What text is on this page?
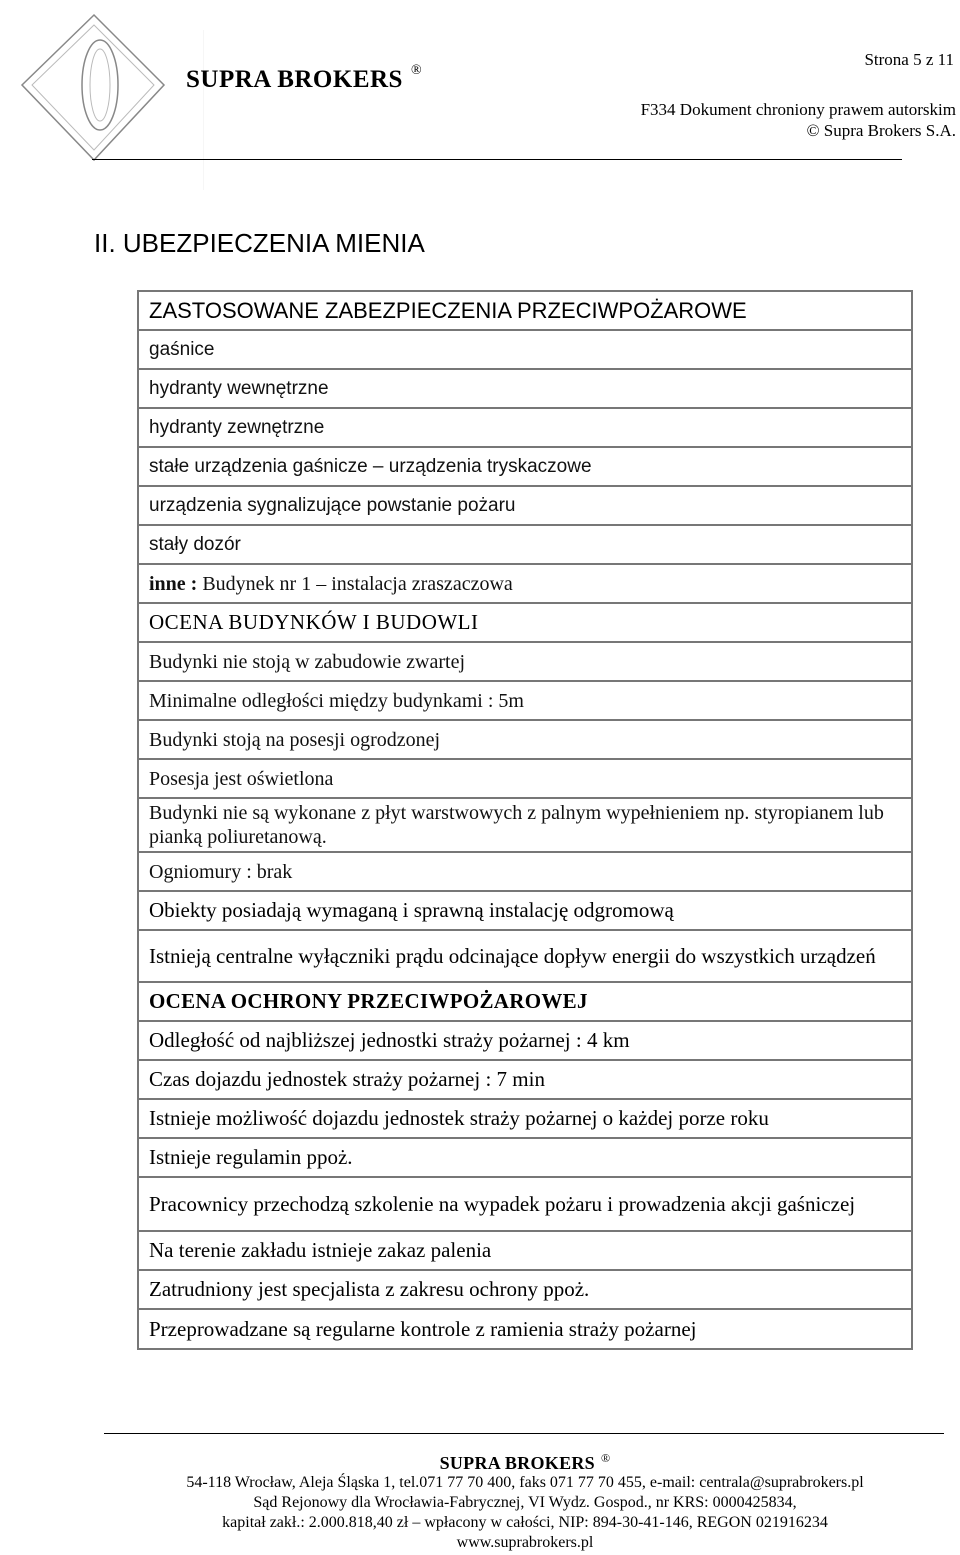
SUPRA BROKERS ®
Strona 5 z 11
F334 Dokument chroniony prawem autorskim
© Supra Brokers S.A.
II. UBEZPIECZENIA MIENIA
ZASTOSOWANE ZABEZPIECZENIA PRZECIWPOŻAROWE
gaśnice
hydranty wewnętrzne
hydranty zewnętrzne
stałe urządzenia gaśnicze – urządzenia tryskaczowe
urządzenia sygnalizujące powstanie pożaru
stały dozór
inne : Budynek nr 1 – instalacja zraszaczowa
OCENA BUDYNKÓW I BUDOWLI
Budynki nie stoją w zabudowie zwartej
Minimalne odległości między budynkami : 5m
Budynki stoją na posesji ogrodzonej
Posesja jest oświetlona
Budynki nie są wykonane z płyt warstwowych z palnym wypełnieniem np. styropianem lub pianką poliuretanową.
Ogniomury : brak
Obiekty posiadają wymaganą i sprawną instalację odgromową
Istnieją centralne wyłączniki prądu odcinające dopływ energii do wszystkich urządzeń
OCENA OCHRONY PRZECIWPOŻAROWEJ
Odległość od najbliższej jednostki straży pożarnej : 4 km
Czas dojazdu jednostek straży pożarnej : 7 min
Istnieje możliwość dojazdu jednostek straży pożarnej o każdej porze roku
Istnieje regulamin ppoż.
Pracownicy przechodzą szkolenie na wypadek pożaru i prowadzenia akcji gaśniczej
Na terenie zakładu istnieje zakaz palenia
Zatrudniony jest specjalista z zakresu ochrony ppoż.
Przeprowadzane są regularne kontrole z ramienia straży pożarnej
SUPRA BROKERS ®
54-118 Wrocław, Aleja Śląska 1, tel.071 77 70 400, faks 071 77 70 455, e-mail: centrala@suprabrokers.pl
Sąd Rejonowy dla Wrocławia-Fabrycznej, VI Wydz. Gospod., nr KRS: 0000425834,
kapitał zakł.: 2.000.818,40 zł – wpłacony w całości, NIP: 894-30-41-146, REGON 021916234
www.suprabrokers.pl
